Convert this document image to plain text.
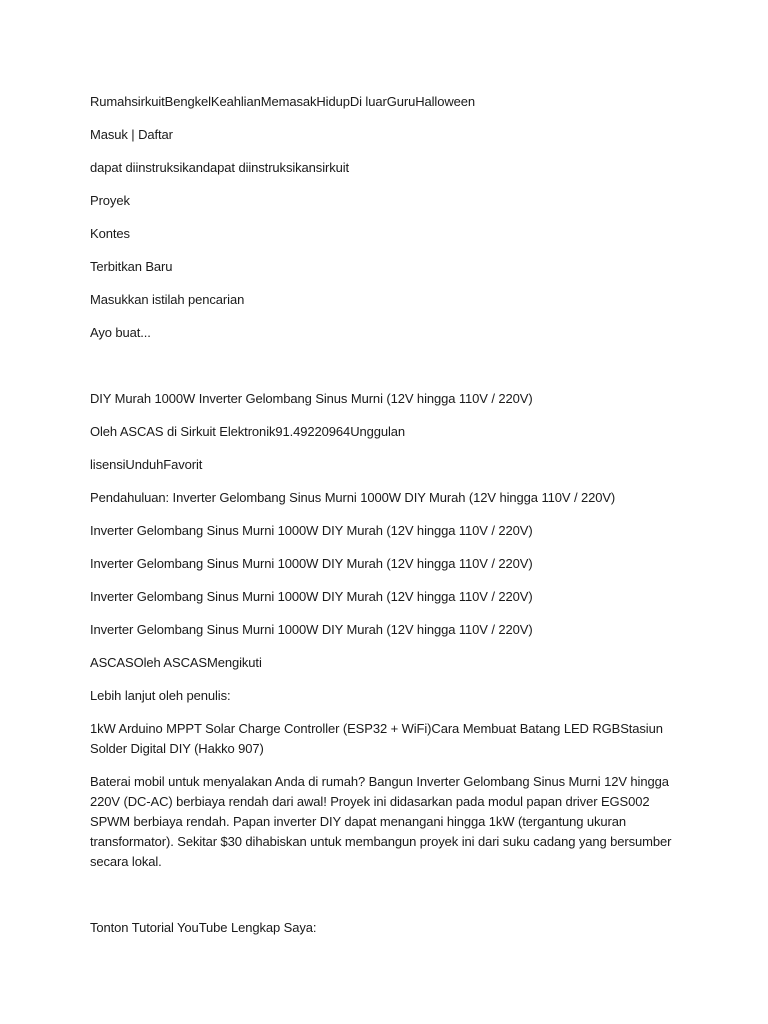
RumahsirkuitBengkelKeahlianMemasakHidupDi luarGuruHalloween
Masuk | Daftar
dapat diinstruksikandapat diinstruksikansirkuit
Proyek
Kontes
Terbitkan Baru
Masukkan istilah pencarian
Ayo buat...
DIY Murah 1000W Inverter Gelombang Sinus Murni (12V hingga 110V / 220V)
Oleh ASCAS di Sirkuit Elektronik91.49220964Unggulan
lisensiUnduhFavorit
Pendahuluan: Inverter Gelombang Sinus Murni 1000W DIY Murah (12V hingga 110V / 220V)
Inverter Gelombang Sinus Murni 1000W DIY Murah (12V hingga 110V / 220V)
Inverter Gelombang Sinus Murni 1000W DIY Murah (12V hingga 110V / 220V)
Inverter Gelombang Sinus Murni 1000W DIY Murah (12V hingga 110V / 220V)
Inverter Gelombang Sinus Murni 1000W DIY Murah (12V hingga 110V / 220V)
ASCASOleh ASCASMengikuti
Lebih lanjut oleh penulis:
1kW Arduino MPPT Solar Charge Controller (ESP32 + WiFi)Cara Membuat Batang LED RGBStasiun Solder Digital DIY (Hakko 907)
Baterai mobil untuk menyalakan Anda di rumah? Bangun Inverter Gelombang Sinus Murni 12V hingga 220V (DC-AC) berbiaya rendah dari awal! Proyek ini didasarkan pada modul papan driver EGS002 SPWM berbiaya rendah. Papan inverter DIY dapat menangani hingga 1kW (tergantung ukuran transformator). Sekitar $30 dihabiskan untuk membangun proyek ini dari suku cadang yang bersumber secara lokal.
Tonton Tutorial YouTube Lengkap Saya:
